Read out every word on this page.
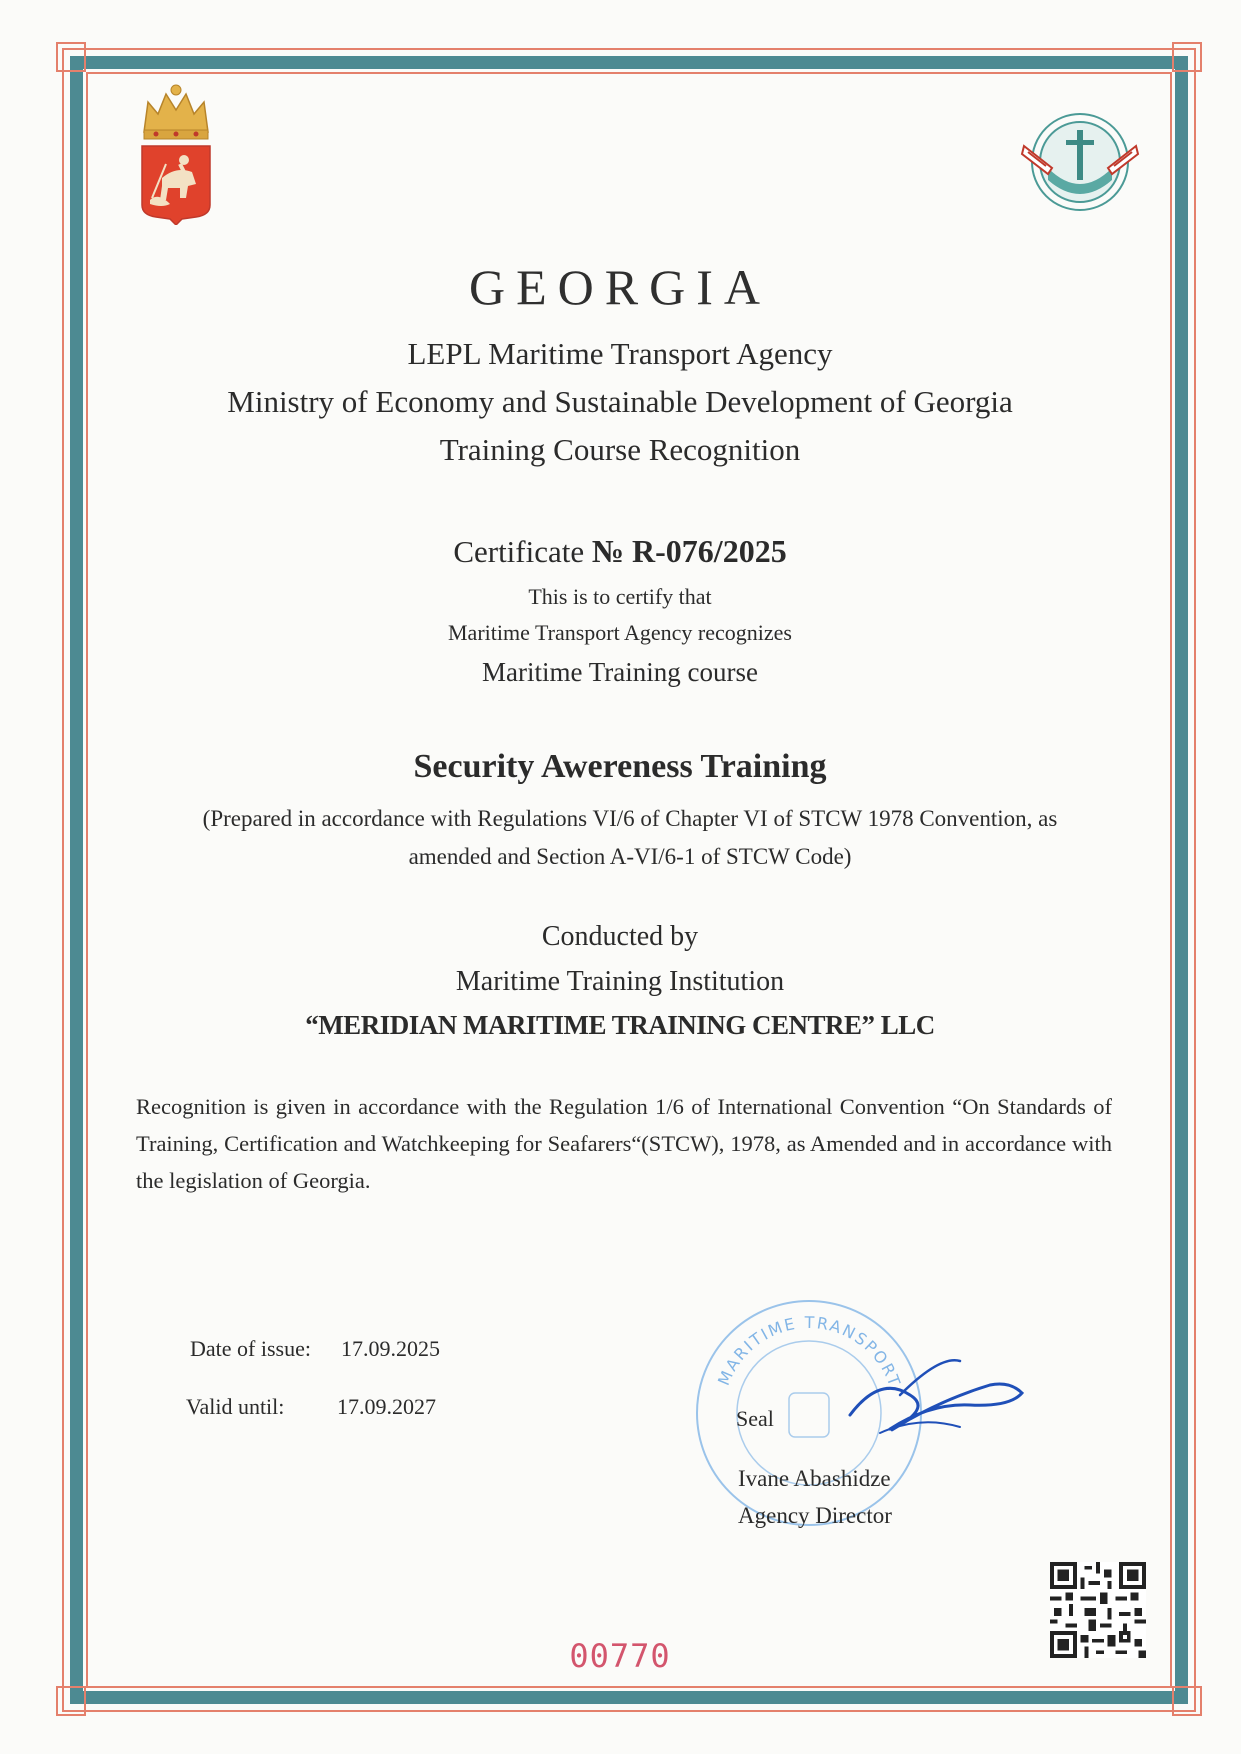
GEORGIA
LEPL Maritime Transport Agency
Ministry of Economy and Sustainable Development of Georgia
Training Course Recognition
Certificate № R-076/2025
This is to certify that
Maritime Transport Agency recognizes
Maritime Training course
Security Awereness Training
(Prepared in accordance with Regulations VI/6 of Chapter VI of STCW 1978 Convention, as
amended and Section A-VI/6-1 of STCW Code)
Conducted by
Maritime Training Institution
“MERIDIAN MARITIME TRAINING CENTRE” LLC
Recognition is given in accordance with the Regulation 1/6 of International Convention “On Standards of Training, Certification and Watchkeeping for Seafarers“(STCW), 1978, as Amended and in accordance with the legislation of Georgia.
Date of issue: 17.09.2025
Valid until: 17.09.2027
MARITIME TRANSPORT
Seal
Ivane Abashidze
Agency Director
00770
